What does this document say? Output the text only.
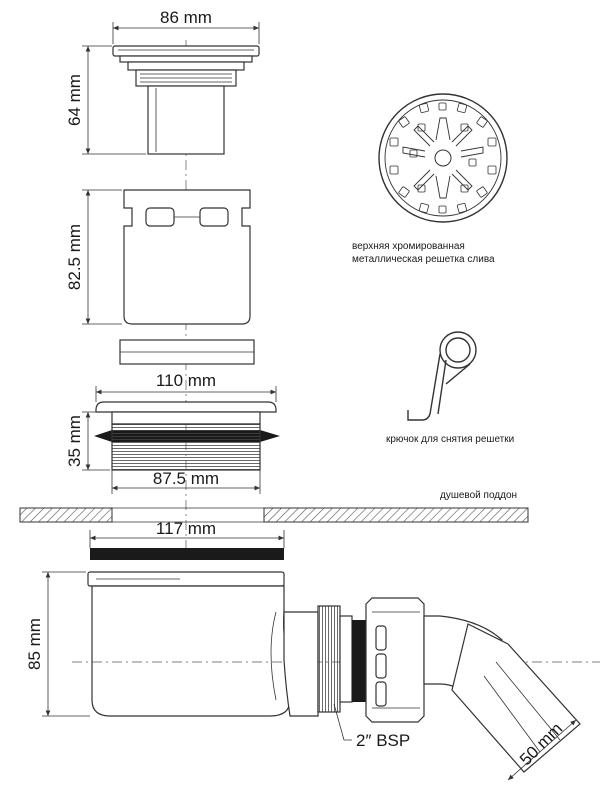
86 mm
64 mm
82.5 mm
110 mm
35 mm
87.5 mm
душевой поддон
117 mm
85 mm
2″ BSP	50 mm
верхняя хромированная
металлическая решетка слива
крючок для снятия решетки
